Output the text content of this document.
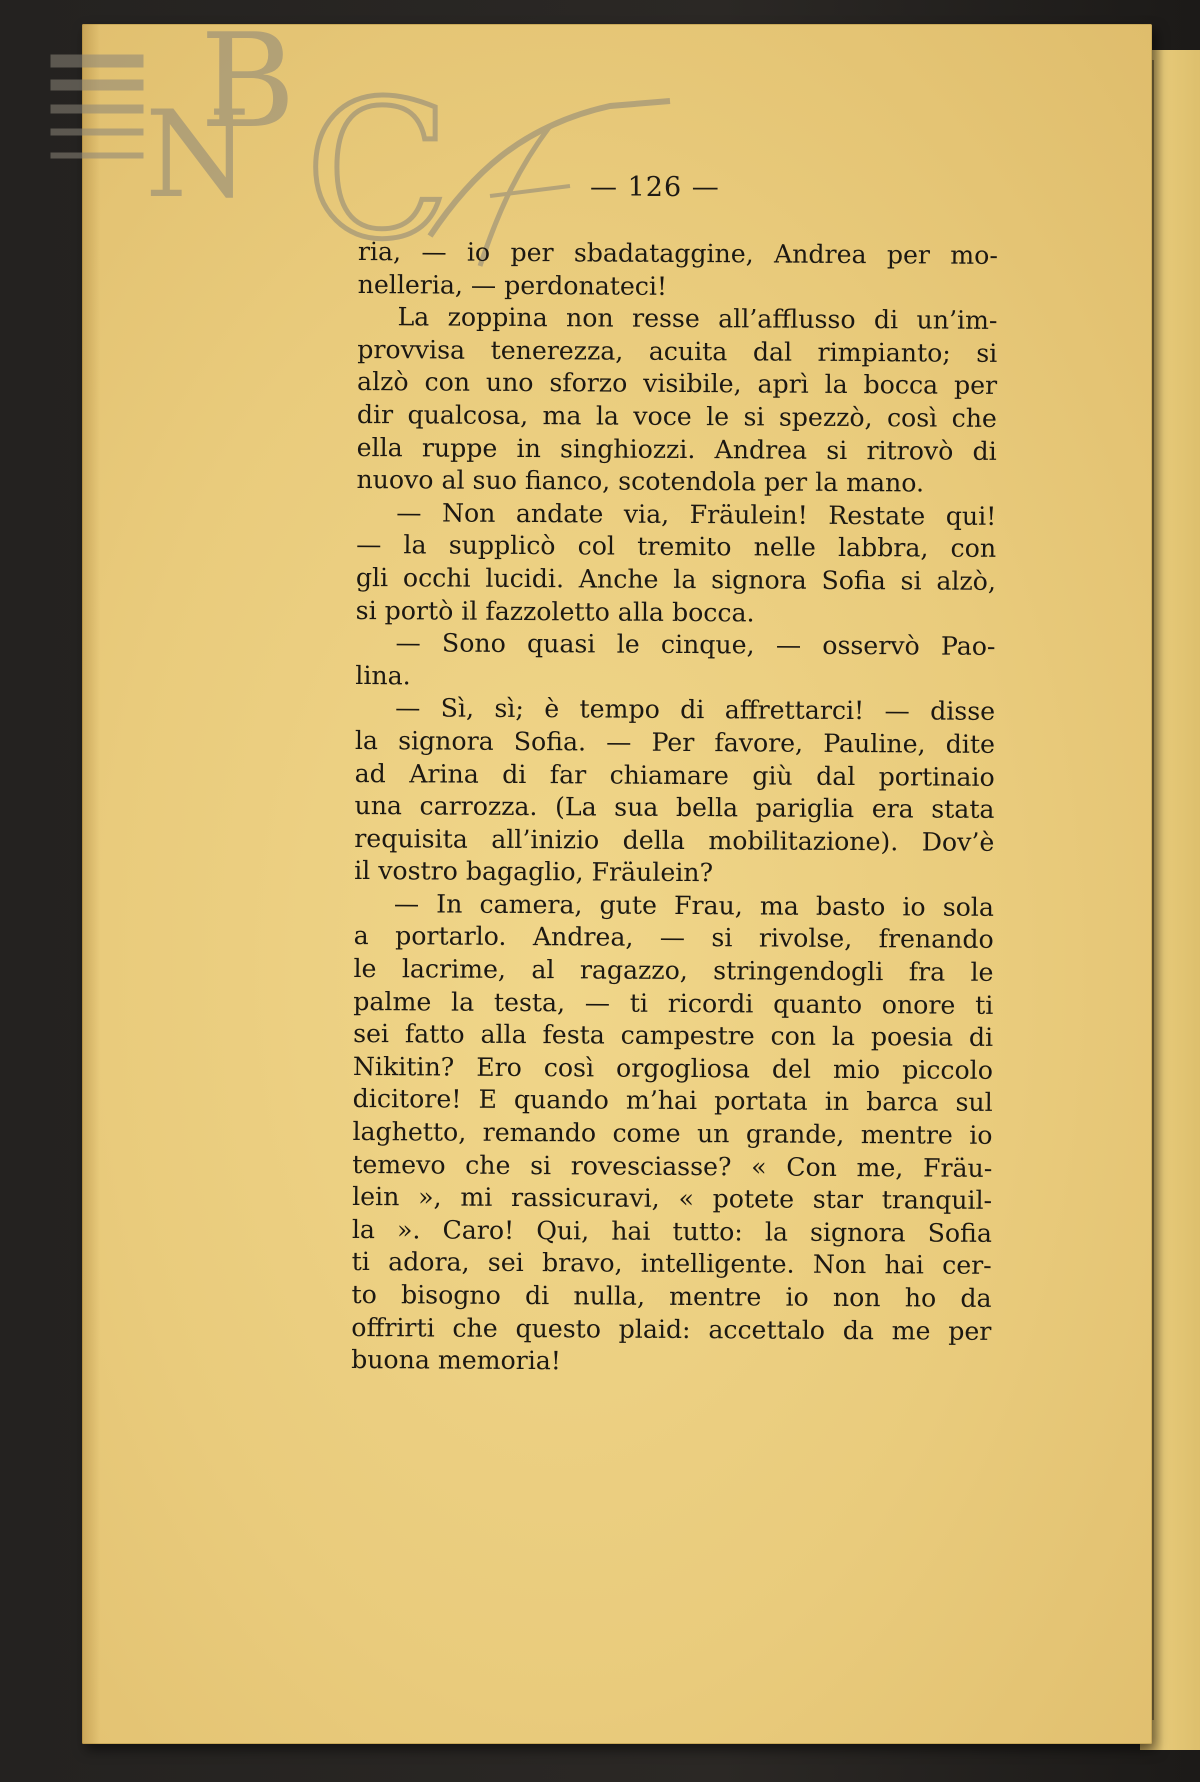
N
B C	— 126 —
ria, — io per sbadataggine, Andrea per mo-
nelleria, — perdonateci!
La zoppina non resse all’afflusso di un’im-
provvisa tenerezza, acuita dal rimpianto; si
alzò con uno sforzo visibile, aprì la bocca per
dir qualcosa, ma la voce le si spezzò, così che
ella ruppe in singhiozzi. Andrea si ritrovò di
nuovo al suo fianco, scotendola per la mano.
— Non andate via, Fräulein! Restate qui!
— la supplicò col tremito nelle labbra, con
gli occhi lucidi. Anche la signora Sofia si alzò,
si portò il fazzoletto alla bocca.
— Sono quasi le cinque, — osservò Pao-
lina.
— Sì, sì; è tempo di affrettarci! — disse
la signora Sofia. — Per favore, Pauline, dite
ad Arina di far chiamare giù dal portinaio
una carrozza. (La sua bella pariglia era stata
requisita all’inizio della mobilitazione). Dov’è
il vostro bagaglio, Fräulein?
— In camera, gute Frau, ma basto io sola
a portarlo. Andrea, — si rivolse, frenando
le lacrime, al ragazzo, stringendogli fra le
palme la testa, — ti ricordi quanto onore ti
sei fatto alla festa campestre con la poesia di
Nikitin? Ero così orgogliosa del mio piccolo
dicitore! E quando m’hai portata in barca sul
laghetto, remando come un grande, mentre io
temevo che si rovesciasse? « Con me, Fräu-
lein », mi rassicuravi, « potete star tranquil-
la ». Caro! Qui, hai tutto: la signora Sofia
ti adora, sei bravo, intelligente. Non hai cer-
to bisogno di nulla, mentre io non ho da
offrirti che questo plaid: accettalo da me per
buona memoria!
